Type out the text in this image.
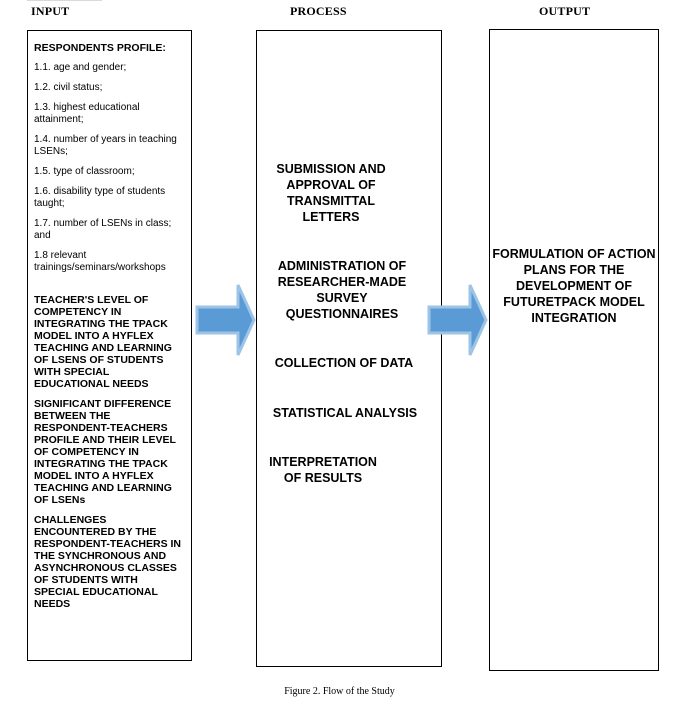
INPUT	PROCESS	OUTPUT
RESPONDENTS PROFILE:
1.1. age and gender;
1.2. civil status;
1.3. highest educational attainment;
1.4. number of years in teaching LSENs;
1.5. type of classroom;
1.6. disability type of students taught;
1.7. number of LSENs in class; and
1.8 relevant trainings/seminars/workshops
TEACHER'S LEVEL OF COMPETENCY IN INTEGRATING THE TPACK MODEL INTO A HYFLEX TEACHING AND LEARNING OF LSENS OF STUDENTS WITH SPECIAL EDUCATIONAL NEEDS
SIGNIFICANT DIFFERENCE BETWEEN THE RESPONDENT-TEACHERS PROFILE AND THEIR LEVEL OF COMPETENCY IN INTEGRATING THE TPACK MODEL INTO A HYFLEX TEACHING AND LEARNING OF LSENs
CHALLENGES ENCOUNTERED BY THE RESPONDENT-TEACHERS IN THE SYNCHRONOUS AND ASYNCHRONOUS CLASSES OF STUDENTS WITH SPECIAL EDUCATIONAL NEEDS
SUBMISSION AND APPROVAL OF TRANSMITTAL LETTERS
ADMINISTRATION OF RESEARCHER-MADE SURVEY QUESTIONNAIRES
COLLECTION OF DATA
STATISTICAL ANALYSIS
INTERPRETATION OF RESULTS
FORMULATION OF ACTION PLANS FOR THE DEVELOPMENT OF FUTURETPACK MODEL INTEGRATION
Figure 2. Flow of the Study
